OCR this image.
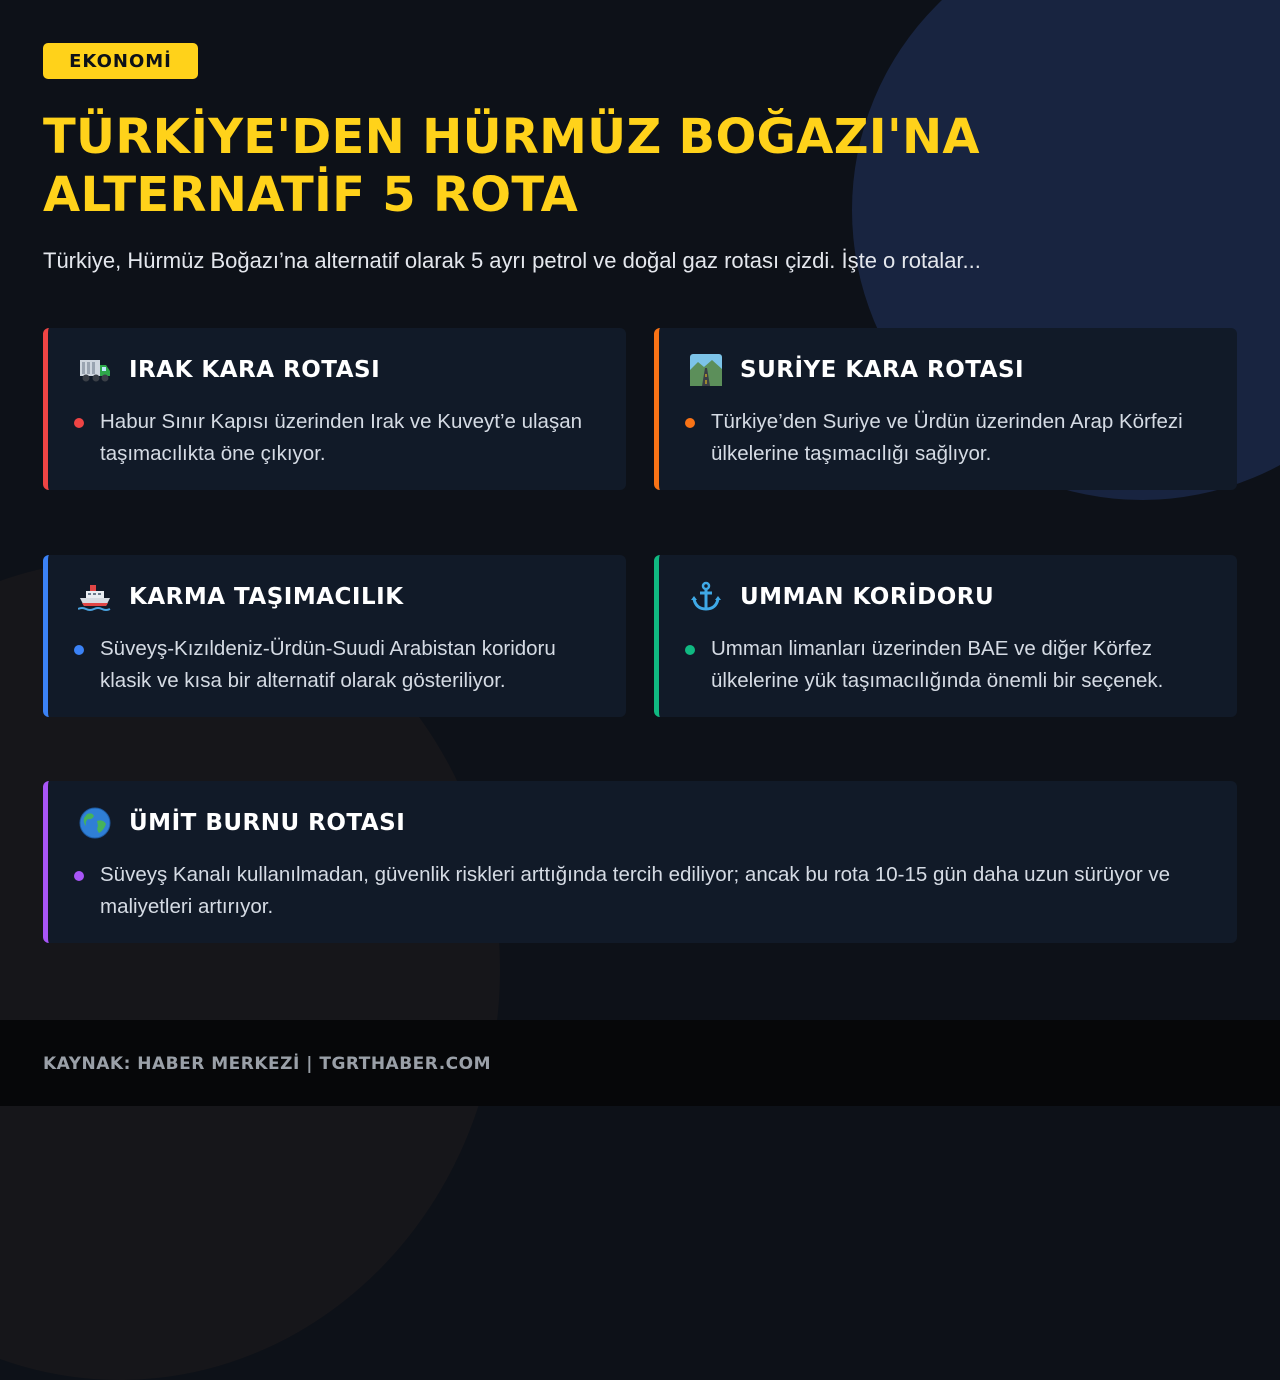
EKONOMİ
TÜRKİYE'DEN HÜRMÜZ BOĞAZI'NA ALTERNATİF 5 ROTA

Türkiye, Hürmüz Boğazı’na alternatif olarak 5 ayrı petrol ve doğal gaz rotası çizdi. İşte o rotalar...

IRAK KARA ROTASI
Habur Sınır Kapısı üzerinden Irak ve Kuveyt’e ulaşan taşımacılıkta öne çıkıyor.
SURİYE KARA ROTASI
Türkiye’den Suriye ve Ürdün üzerinden Arap Körfezi ülkelerine taşımacılığı sağlıyor.
KARMA TAŞIMACILIK
Süveyş-Kızıldeniz-Ürdün-Suudi Arabistan koridoru klasik ve kısa bir alternatif olarak gösteriliyor.
UMMAN KORİDORU
Umman limanları üzerinden BAE ve diğer Körfez ülkelerine yük taşımacılığında önemli bir seçenek.
ÜMİT BURNU ROTASI
Süveyş Kanalı kullanılmadan, güvenlik riskleri arttığında tercih ediliyor; ancak bu rota 10-15 gün daha uzun sürüyor ve maliyetleri artırıyor.
KAYNAK: HABER MERKEZİ | TGRTHABER.COM
